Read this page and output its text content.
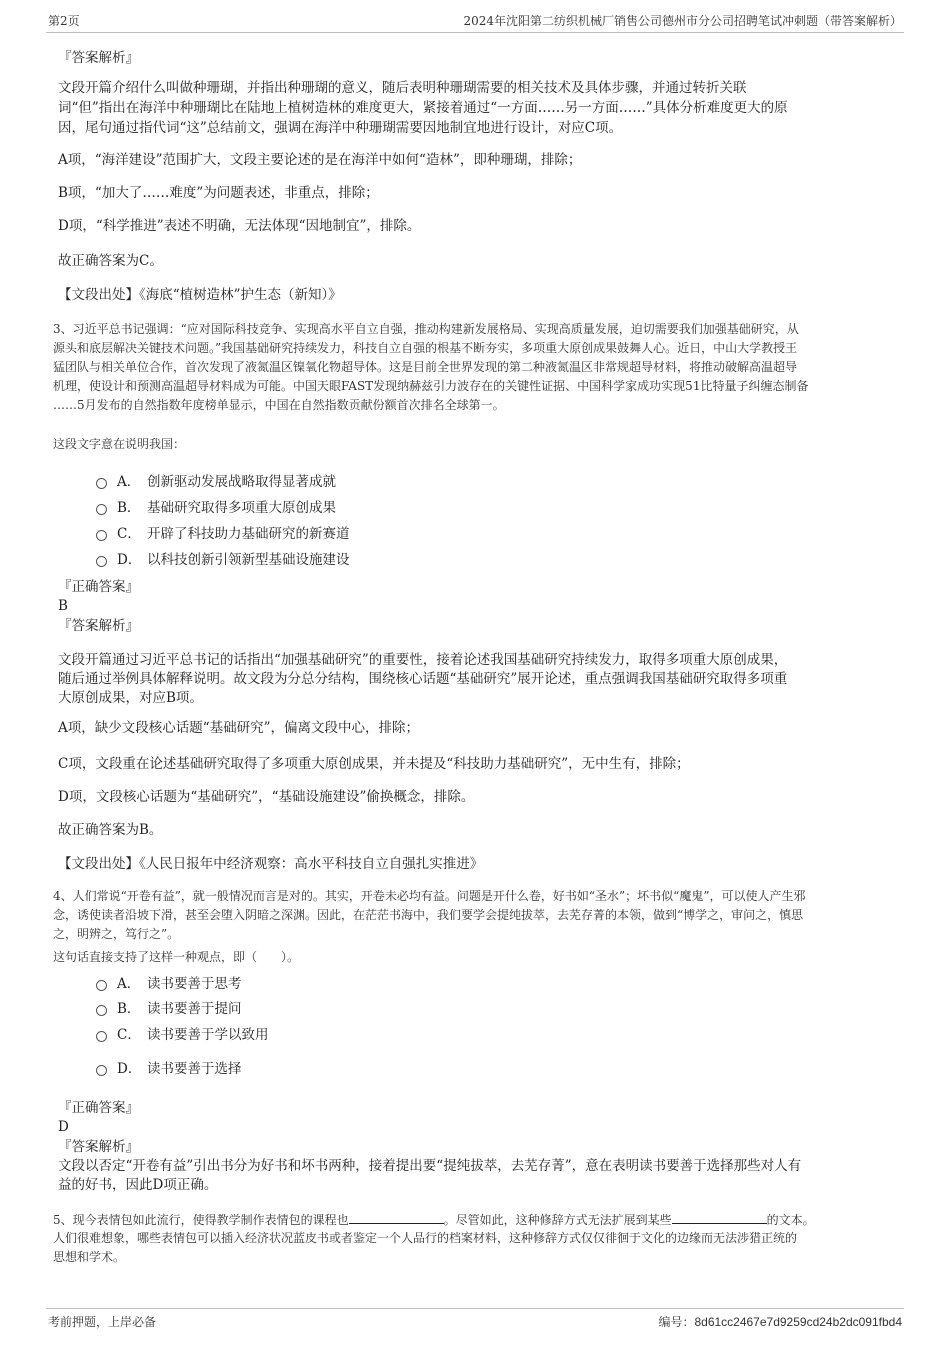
第2页	2024年沈阳第二纺织机械厂销售公司德州市分公司招聘笔试冲刺题（带答案解析）
『答案解析』
文段开篇介绍什么叫做种珊瑚，并指出种珊瑚的意义，随后表明种珊瑚需要的相关技术及具体步骤，并通过转折关联
词“但”指出在海洋中种珊瑚比在陆地上植树造林的难度更大，紧接着通过“一方面……另一方面……”具体分析难度更大的原
因，尾句通过指代词“这”总结前文，强调在海洋中种珊瑚需要因地制宜地进行设计，对应C项。
A项，“海洋建设”范围扩大，文段主要论述的是在海洋中如何“造林”，即种珊瑚，排除；
B项，“加大了……难度”为问题表述，非重点，排除；
D项，“科学推进”表述不明确，无法体现“因地制宜”，排除。
故正确答案为C。
【文段出处】《海底“植树造林”护生态（新知）》
3、习近平总书记强调：“应对国际科技竞争、实现高水平自立自强，推动构建新发展格局、实现高质量发展，迫切需要我们加强基础研究，从
源头和底层解决关键技术问题。”我国基础研究持续发力，科技自立自强的根基不断夯实，多项重大原创成果鼓舞人心。近日，中山大学教授王
猛团队与相关单位合作，首次发现了液氮温区镍氧化物超导体。这是目前全世界发现的第二种液氮温区非常规超导材料，将推动破解高温超导
机理，使设计和预测高温超导材料成为可能。中国天眼FAST发现纳赫兹引力波存在的关键性证据、中国科学家成功实现51比特量子纠缠态制备
……5月发布的自然指数年度榜单显示，中国在自然指数贡献份额首次排名全球第一。
这段文字意在说明我国：
A． 创新驱动发展战略取得显著成就
B． 基础研究取得多项重大原创成果
C． 开辟了科技助力基础研究的新赛道
D． 以科技创新引领新型基础设施建设
『正确答案』
B
『答案解析』
文段开篇通过习近平总书记的话指出“加强基础研究”的重要性，接着论述我国基础研究持续发力，取得多项重大原创成果，
随后通过举例具体解释说明。故文段为分总分结构，围绕核心话题“基础研究”展开论述，重点强调我国基础研究取得多项重
大原创成果，对应B项。
A项，缺少文段核心话题“基础研究”，偏离文段中心，排除；
C项，文段重在论述基础研究取得了多项重大原创成果，并未提及“科技助力基础研究”，无中生有，排除；
D项，文段核心话题为“基础研究”，“基础设施建设”偷换概念，排除。
故正确答案为B。
【文段出处】《人民日报年中经济观察：高水平科技自立自强扎实推进》
4、人们常说“开卷有益”，就一般情况而言是对的。其实，开卷未必均有益。问题是开什么卷，好书如“圣水”；坏书似“魔鬼”，可以使人产生邪
念，诱使读者沿坡下滑，甚至会堕入阴暗之深渊。因此，在茫茫书海中，我们要学会提纯拔萃，去芜存菁的本领，做到“博学之，审问之，慎思
之，明辨之，笃行之”。
这句话直接支持了这样一种观点，即（　　）。
A． 读书要善于思考
B． 读书要善于提问
C． 读书要善于学以致用
D． 读书要善于选择
『正确答案』
D
『答案解析』
文段以否定“开卷有益”引出书分为好书和坏书两种，接着提出要“提纯拔萃，去芜存菁”，意在表明读书要善于选择那些对人有
益的好书，因此D项正确。
5、现今表情包如此流行，使得教学制作表情包的课程也	。尽管如此，这种修辞方式无法扩展到某些	的文本。
人们很难想象，哪些表情包可以插入经济状况蓝皮书或者鉴定一个人品行的档案材料，这种修辞方式仅仅徘徊于文化的边缘而无法涉猎正统的
思想和学术。
考前押题，上岸必备	编号：8d61cc2467e7d9259cd24b2dc091fbd4
